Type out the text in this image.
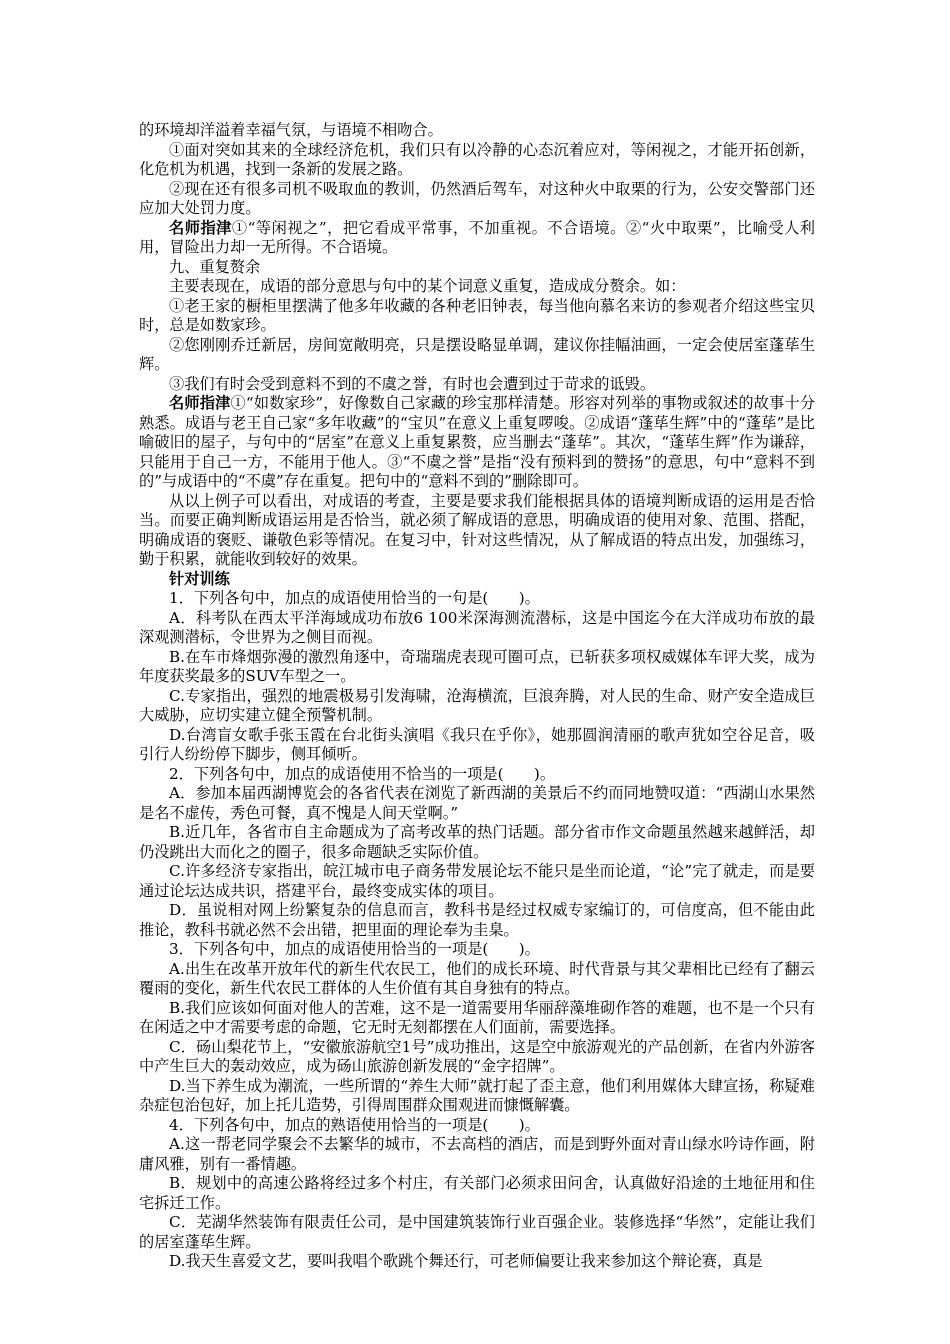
的环境却洋溢着幸福气氛，与语境不相吻合。

①面对突如其来的全球经济危机，我们只有以冷静的心态沉着应对，等闲视之，才能开拓创新，化危机为机遇，找到一条新的发展之路。

②现在还有很多司机不吸取血的教训，仍然酒后驾车，对这种火中取栗的行为，公安交警部门还应加大处罚力度。

名师指津①“等闲视之”，把它看成平常事，不加重视。不合语境。②“火中取栗”，比喻受人利用，冒险出力却一无所得。不合语境。

九、重复赘余

主要表现在，成语的部分意思与句中的某个词意义重复，造成成分赘余。如：

①老王家的橱柜里摆满了他多年收藏的各种老旧钟表，每当他向慕名来访的参观者介绍这些宝贝时，总是如数家珍。

②您刚刚乔迁新居，房间宽敞明亮，只是摆设略显单调，建议你挂幅油画，一定会使居室蓬荜生辉。

③我们有时会受到意料不到的不虞之誉，有时也会遭到过于苛求的诋毁。

名师指津①“如数家珍”，好像数自己家藏的珍宝那样清楚。形容对列举的事物或叙述的故事十分熟悉。成语与老王自己家“多年收藏”的“宝贝”在意义上重复啰唆。②成语“蓬荜生辉”中的“蓬荜”是比喻破旧的屋子，与句中的“居室”在意义上重复累赘，应当删去“蓬荜”。其次，“蓬荜生辉”作为谦辞，只能用于自己一方，不能用于他人。③“不虞之誉”是指“没有预料到的赞扬”的意思，句中“意料不到的”与成语中的“不虞”存在重复。把句中的“意料不到的”删除即可。

从以上例子可以看出，对成语的考查，主要是要求我们能根据具体的语境判断成语的运用是否恰当。而要正确判断成语运用是否恰当，就必须了解成语的意思，明确成语的使用对象、范围、搭配，明确成语的褒贬、谦敬色彩等情况。在复习中，针对这些情况，从了解成语的特点出发，加强练习，勤于积累，就能收到较好的效果。

针对训练

1．下列各句中，加点的成语使用恰当的一句是(　　)。

A．科考队在西太平洋海域成功布放6 100米深海测流潜标，这是中国迄今在大洋成功布放的最深观测潜标，令世界为之侧目而视。

B.在车市烽烟弥漫的激烈角逐中，奇瑞瑞虎表现可圈可点，已斩获多项权威媒体车评大奖，成为年度获奖最多的SUV车型之一。

C.专家指出，强烈的地震极易引发海啸，沧海横流，巨浪奔腾，对人民的生命、财产安全造成巨大威胁，应切实建立健全预警机制。

D.台湾盲女歌手张玉霞在台北街头演唱《我只在乎你》，她那圆润清丽的歌声犹如空谷足音，吸引行人纷纷停下脚步，侧耳倾听。

2．下列各句中，加点的成语使用不恰当的一项是(　　)。

A．参加本届西湖博览会的各省代表在浏览了新西湖的美景后不约而同地赞叹道：“西湖山水果然是名不虚传，秀色可餐，真不愧是人间天堂啊。”

B.近几年，各省市自主命题成为了高考改革的热门话题。部分省市作文命题虽然越来越鲜活，却仍没跳出大而化之的圈子，很多命题缺乏实际价值。

C.许多经济专家指出，皖江城市电子商务带发展论坛不能只是坐而论道，“论”完了就走，而是要通过论坛达成共识，搭建平台，最终变成实体的项目。

D．虽说相对网上纷繁复杂的信息而言，教科书是经过权威专家编订的，可信度高，但不能由此推论，教科书就必然不会出错，把里面的理论奉为圭臬。

3．下列各句中，加点的成语使用恰当的一项是(　　)。

A.出生在改革开放年代的新生代农民工，他们的成长环境、时代背景与其父辈相比已经有了翻云覆雨的变化，新生代农民工群体的人生价值有其自身独有的特点。

B.我们应该如何面对他人的苦难，这不是一道需要用华丽辞藻堆砌作答的难题，也不是一个只有在闲适之中才需要考虑的命题，它无时无刻都摆在人们面前，需要选择。

C．砀山梨花节上，“安徽旅游航空1号”成功推出，这是空中旅游观光的产品创新，在省内外游客中产生巨大的轰动效应，成为砀山旅游创新发展的“金字招牌”。

D.当下养生成为潮流，一些所谓的“养生大师”就打起了歪主意，他们利用媒体大肆宣扬，称疑难杂症包治包好，加上托儿造势，引得周围群众围观进而慷慨解囊。

4．下列各句中，加点的熟语使用恰当的一项是(　　)。

A.这一帮老同学聚会不去繁华的城市，不去高档的酒店，而是到野外面对青山绿水吟诗作画，附庸风雅，别有一番情趣。

B．规划中的高速公路将经过多个村庄，有关部门必须求田问舍，认真做好沿途的土地征用和住宅拆迁工作。

C．芜湖华然装饰有限责任公司，是中国建筑装饰行业百强企业。装修选择“华然”，定能让我们的居室蓬荜生辉。

D.我天生喜爱文艺，要叫我唱个歌跳个舞还行，可老师偏要让我来参加这个辩论赛，真是
